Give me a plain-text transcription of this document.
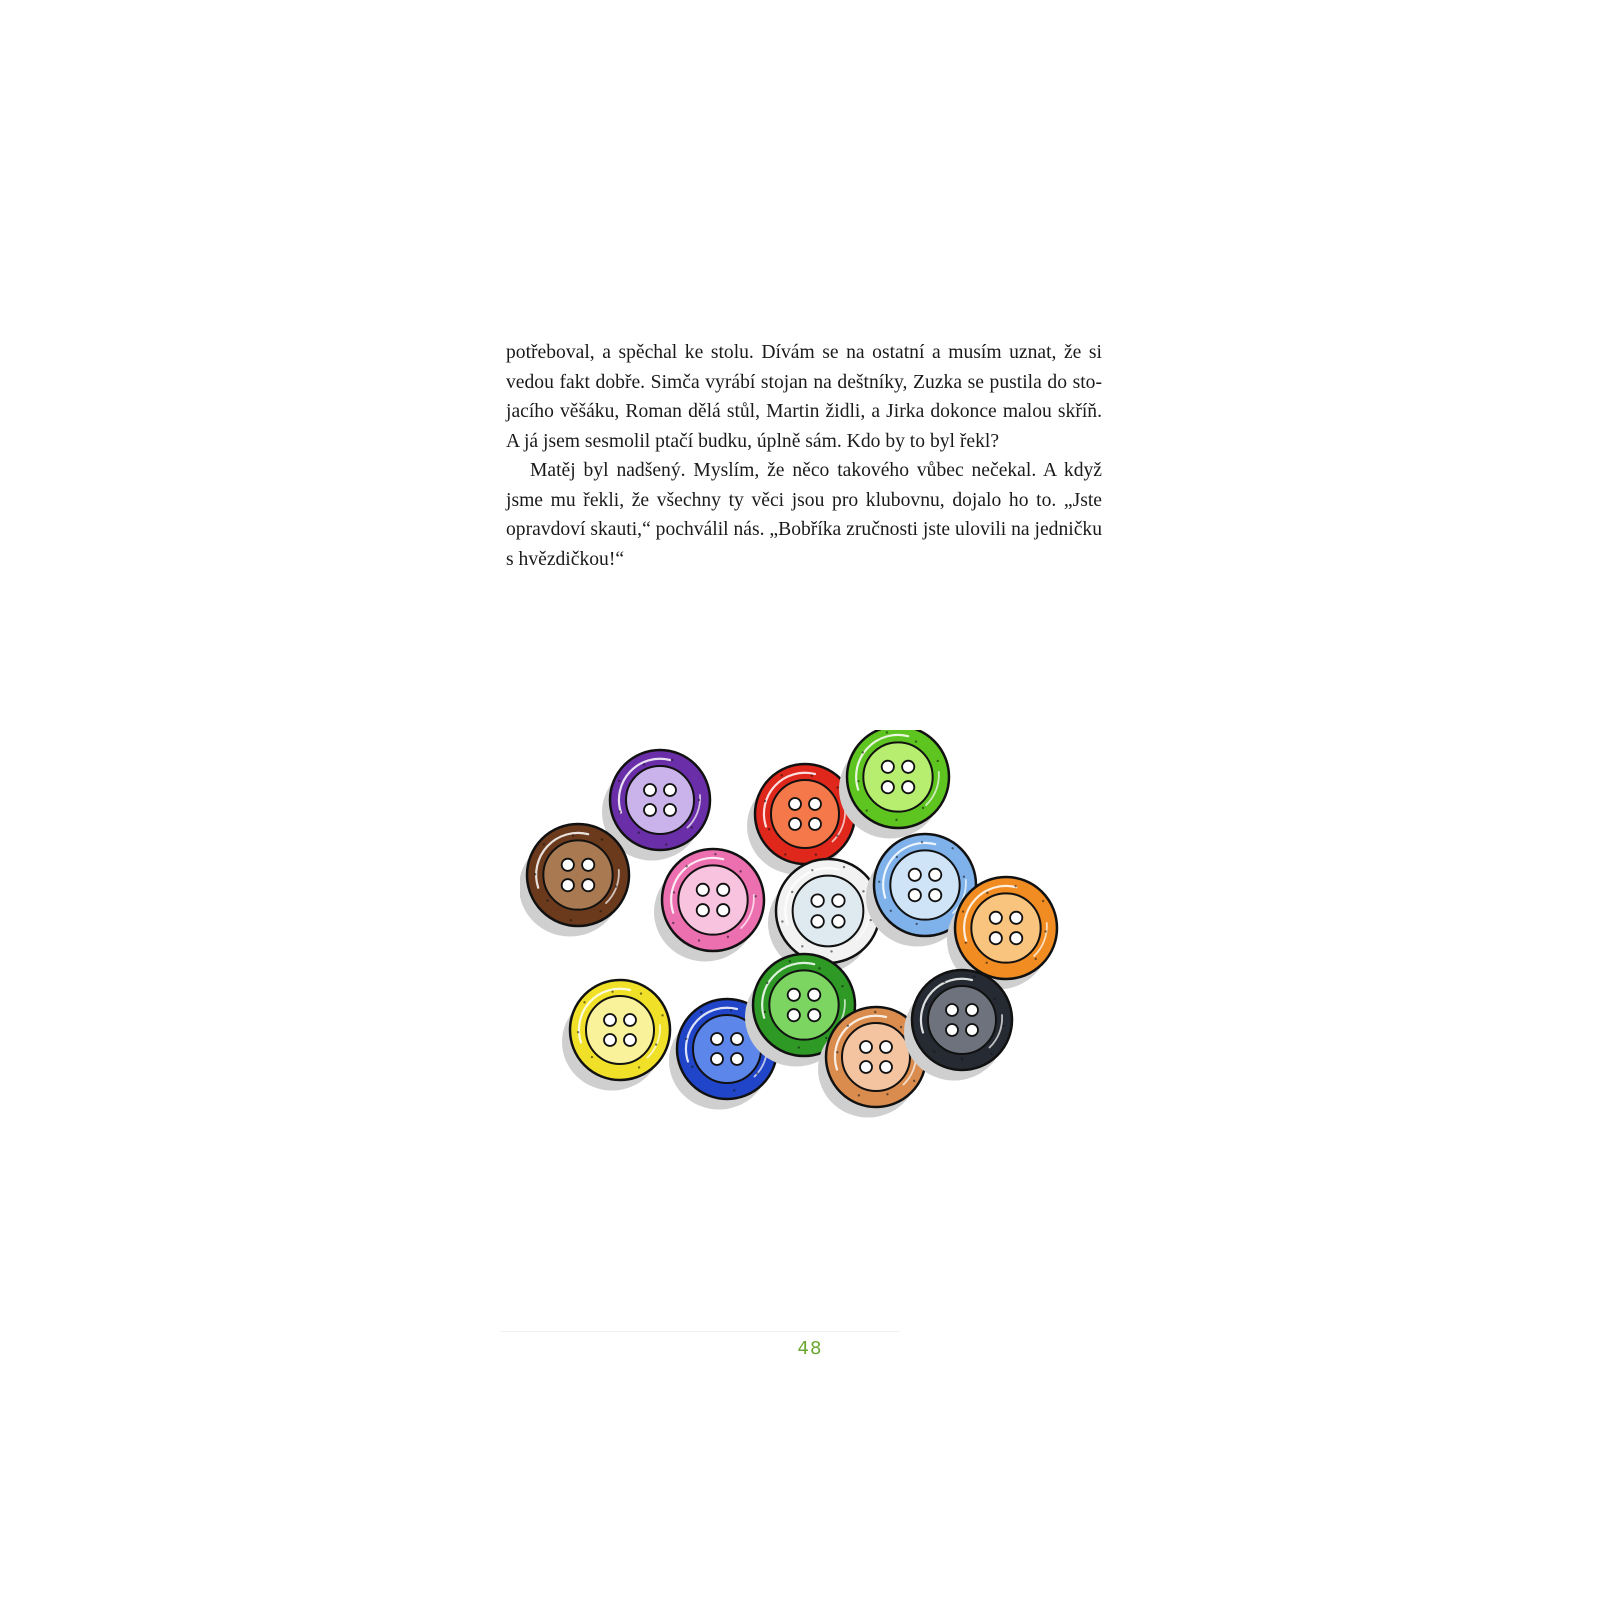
potřeboval, a spěchal ke stolu. Dívám se na ostatní a musím uznat, že si
vedou fakt dobře. Simča vyrábí stojan na deštníky, Zuzka se pustila do sto-
jacího věšáku, Roman dělá stůl, Martin židli, a Jirka dokonce malou skříň.
A já jsem sesmolil ptačí budku, úplně sám. Kdo by to byl řekl?
Matěj byl nadšený. Myslím, že něco takového vůbec nečekal. A když
jsme mu řekli, že všechny ty věci jsou pro klubovnu, dojalo ho to. „Jste
opravdoví skauti,“ pochválil nás. „Bobříka zručnosti jste ulovili na jedničku
s hvězdičkou!“
48
